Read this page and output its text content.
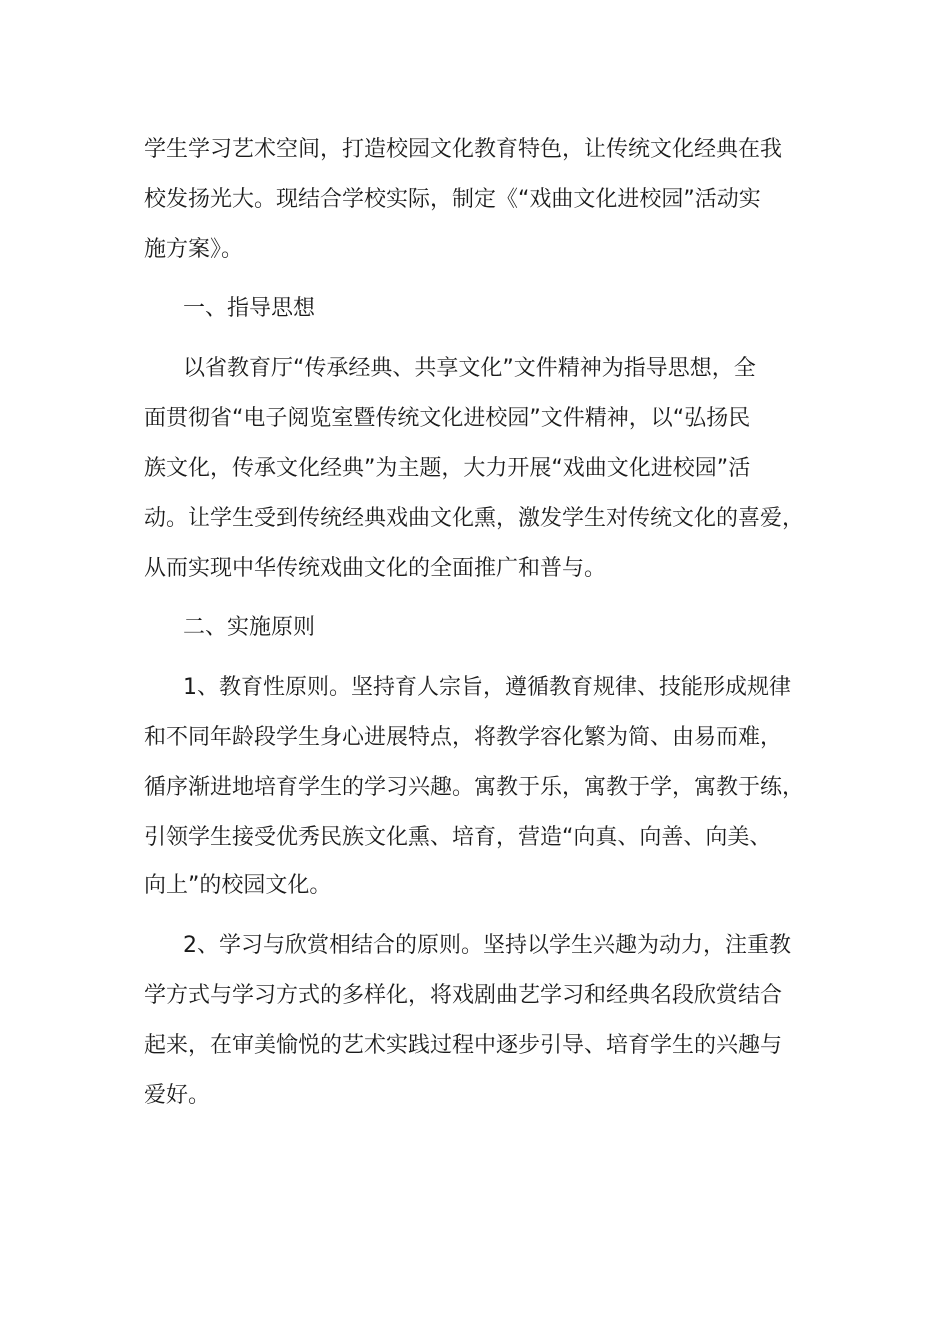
学生学习艺术空间，打造校园文化教育特色，让传统文化经典在我
校发扬光大。现结合学校实际，制定《“戏曲文化进校园”活动实
施方案》。
一、指导思想
以省教育厅“传承经典、共享文化”文件精神为指导思想，全
面贯彻省“电子阅览室暨传统文化进校园”文件精神，以“弘扬民
族文化，传承文化经典”为主题，大力开展“戏曲文化进校园”活
动。让学生受到传统经典戏曲文化熏，激发学生对传统文化的喜爱，
从而实现中华传统戏曲文化的全面推广和普与。
二、实施原则
1、教育性原则。坚持育人宗旨，遵循教育规律、技能形成规律
和不同年龄段学生身心进展特点，将教学容化繁为简、由易而难，
循序渐进地培育学生的学习兴趣。寓教于乐，寓教于学，寓教于练，
引领学生接受优秀民族文化熏、培育，营造“向真、向善、向美、
向上”的校园文化。
2、学习与欣赏相结合的原则。坚持以学生兴趣为动力，注重教
学方式与学习方式的多样化，将戏剧曲艺学习和经典名段欣赏结合
起来，在审美愉悦的艺术实践过程中逐步引导、培育学生的兴趣与
爱好。
